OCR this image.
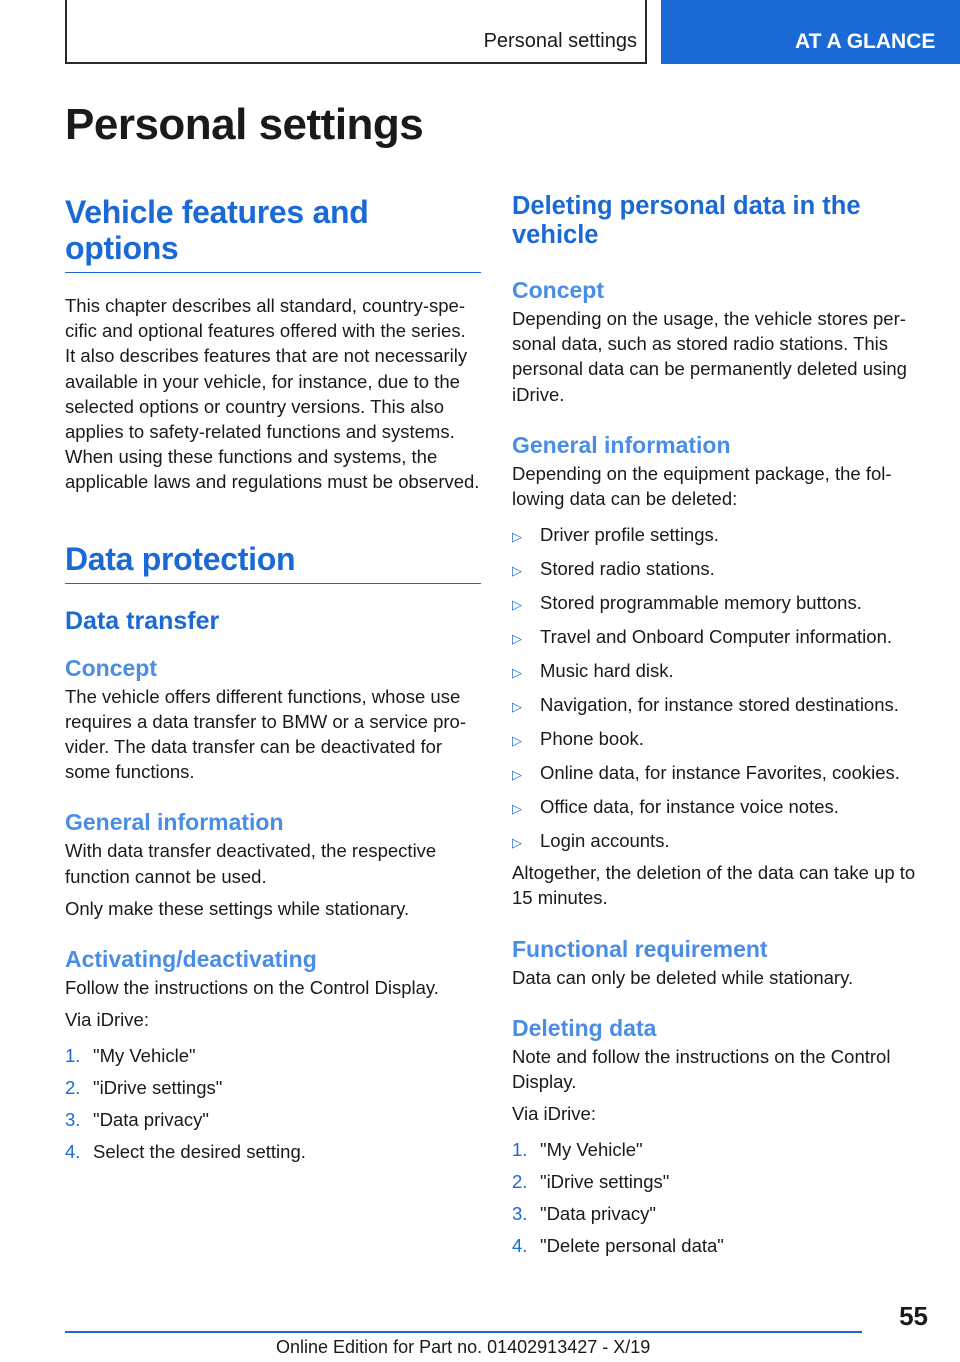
Personal settings	AT A GLANCE
Personal settings
Vehicle features and options

This chapter describes all standard, country-specific and optional features offered with the series. It also describes features that are not necessarily available in your vehicle, for instance, due to the selected options or country versions. This also applies to safety-related functions and systems. When using these functions and systems, the applicable laws and regulations must be observed.

Data protection
Data transfer
Concept

The vehicle offers different functions, whose use requires a data transfer to BMW or a service provider. The data transfer can be deactivated for some functions.

General information

With data transfer deactivated, the respective function cannot be used.

Only make these settings while stationary.

Activating/deactivating

Follow the instructions on the Control Display.

Via iDrive:

1. "My Vehicle"
2. "iDrive settings"
3. "Data privacy"
4. Select the desired setting.
Deleting personal data in the vehicle
Concept

Depending on the usage, the vehicle stores personal data, such as stored radio stations. This personal data can be permanently deleted using iDrive.

General information

Depending on the equipment package, the following data can be deleted:

▷ Driver profile settings.
▷ Stored radio stations.
▷ Stored programmable memory buttons.
▷ Travel and Onboard Computer information.
▷ Music hard disk.
▷ Navigation, for instance stored destinations.
▷ Phone book.
▷ Online data, for instance Favorites, cookies.
▷ Office data, for instance voice notes.
▷ Login accounts.

Altogether, the deletion of the data can take up to 15 minutes.

Functional requirement

Data can only be deleted while stationary.

Deleting data

Note and follow the instructions on the Control Display.

Via iDrive:

1. "My Vehicle"
2. "iDrive settings"
3. "Data privacy"
4. "Delete personal data"
55
Online Edition for Part no. 01402913427 - X/19
